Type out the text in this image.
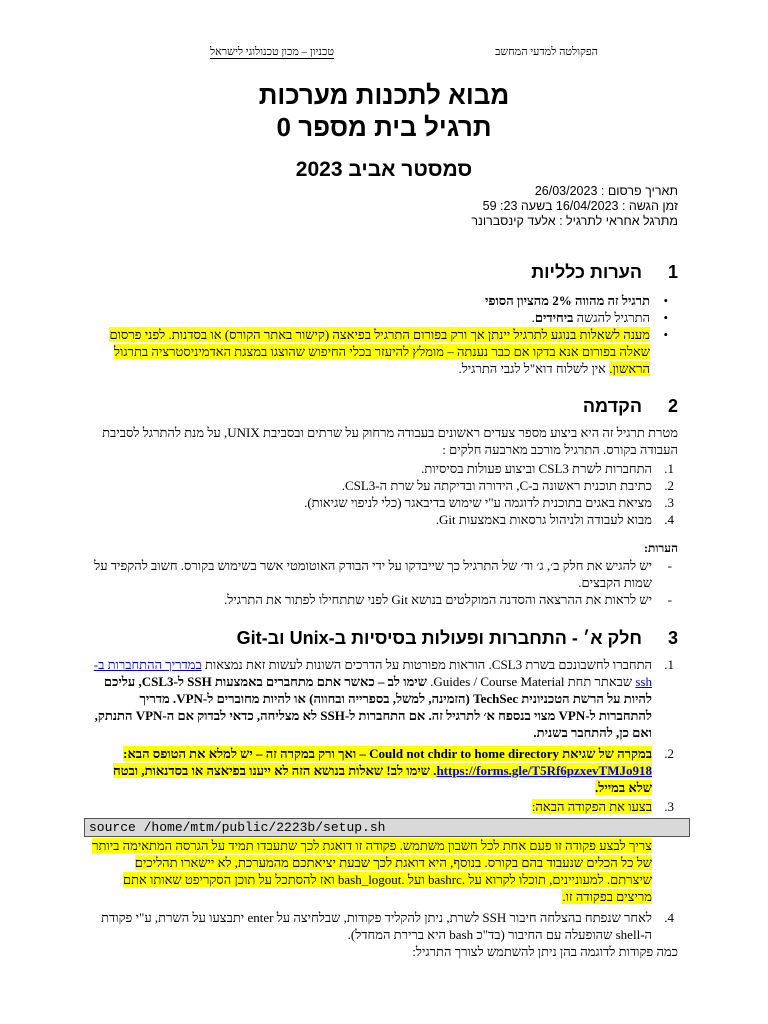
הפקולטה למדעי המחשב
טכניון – מכון טכנולוגי לישראל
מבוא לתכנות מערכות
תרגיל בית מספר 0
סמסטר אביב 2023
תאריך פרסום : 26/03/2023
זמן הגשה : 16/04/2023 בשעה 23: 59
מתרגל אחראי לתרגיל : אלעד קינסברונר
1הערות כלליות
• תרגיל זה מהווה 2% מהציון הסופי
• התרגיל להגשה ביחידים.
• מענה לשאלות בנוגע לתרגיל יינתן אך ורק בפורום התרגיל בפיאצה (קישור באתר הקורס) או בסדנות. לפני פרסום שאלה בפורום אנא בדקו אם כבר נענתה – מומלץ להיעזר בכלי החיפוש שהוצגו במצגת האדמיניסטרציה בתרגול הראשון. אין לשלוח דוא"ל לגבי התרגיל.
2הקדמה
מטרת תרגיל זה היא ביצוע מספר צעדים ראשונים בעבודה מרחוק על שרתים ובסביבת UNIX, על מנת להתרגל לסביבת העבודה בקורס. התרגיל מורכב מארבעה חלקים :
1.
התחברות לשרת CSL3 וביצוע פעולות בסיסיות.
2.
כתיבת תוכנית ראשונה ב-C, הידורה ובדיקתה על שרת ה-CSL3.
3.
מציאת באגים בתוכנית לדוגמה ע"י שימוש בדיבאגר (כלי לניפוי שגיאות).
4.
מבוא לעבודה ולניהול גרסאות באמצעות Git.
הערות:
- יש להגיש את חלק ב׳, ג׳ וד׳ של התרגיל כך שייבדקו על ידי הבודק האוטומטי אשר בשימוש בקורס. חשוב להקפיד על שמות הקבצים.
- יש לראות את ההרצאה והסדנה המוקלטים בנושא Git לפני שתתחילו לפתור את התרגיל.
3חלק א׳ - התחברות ופעולות בסיסיות ב-Unix וב-Git
1.
התחברו לחשבונכם בשרת CSL3. הוראות מפורטות על הדרכים השונות לעשות זאת נמצאות במדריך ההתחברות ב-ssh שבאתר תחת Guides / Course Material. שימו לב – כאשר אתם מתחברים באמצעות SSH ל-CSL3, עליכם להיות על הרשת הטכניונית TechSec (הזמינה, למשל, בספרייה ובחווה) או להיות מחוברים ל-VPN. מדריך להתחברות ל-VPN מצוי בנספח א׳ לתרגיל זה. אם התחברות ל-SSH לא מצליחה, כדאי לבדוק אם ה-VPN התנתק, ואם כן, להתחבר בשנית.
2.
במקרה של שגיאת Could not chdir to home directory – ואך ורק במקרה זה – יש למלא את הטופס הבא: https://forms.gle/T5Rf6pzxevTMJo918. שימו לב! שאלות בנושא הזה לא ייענו בפיאצה או בסדנאות, ובטח שלא במייל.
3.
בצעו את הפקודה הבאה:
source /home/mtm/public/2223b/setup.sh
צריך לבצע פקודה זו פעם אחת לכל חשבון משתמש. פקודה זו דואגת לכך שתעבדו תמיד על הגרסה המתאימה ביותר של כל הכלים שנעבוד בהם בקורס. בנוסף, היא דואגת לכך שבעת יציאתכם מהמערכת, לא יישארו תהליכים שיצרתם. למעוניינים, תוכלו לקרוא על .bashrc ועל .bash_logout ואז להסתכל על תוכן הסקריפט שאותו אתם מריצים בפקודה זו.
4.
לאחר שנפתח בהצלחה חיבור SSH לשרת, ניתן להקליד פקודות, שבלחיצה על enter יתבצעו על השרת, ע"י פקודת ה-shell שהופעלה עם החיבור (בד"כ bash היא ברירת המחדל).
כמה פקודות לדוגמה בהן ניתן להשתמש לצורך התרגיל:
